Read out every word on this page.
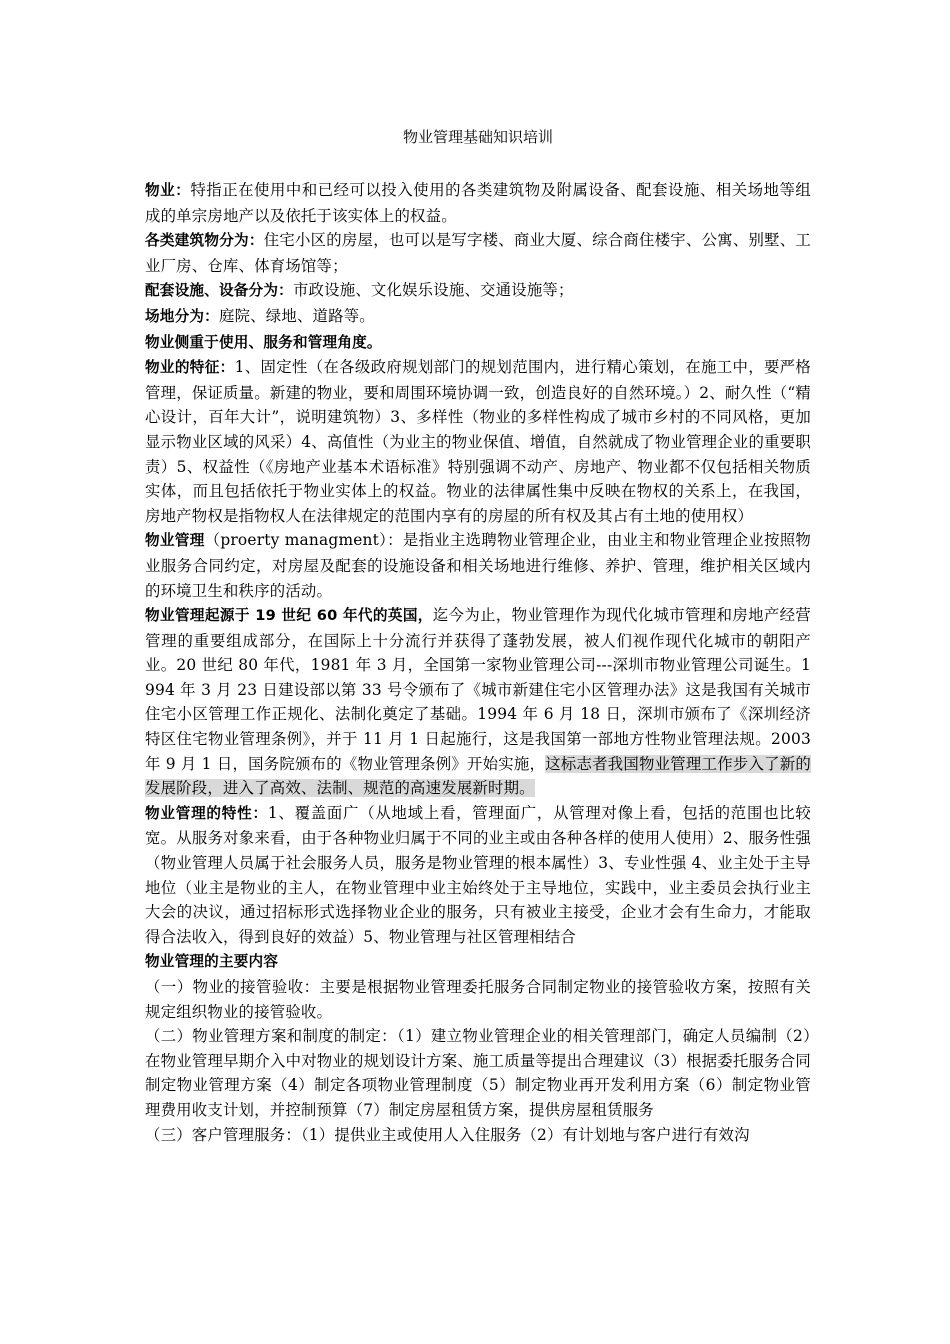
物业管理基础知识培训

物业：特指正在使用中和已经可以投入使用的各类建筑物及附属设备、配套设施、相关场地等组成的单宗房地产以及依托于该实体上的权益。

各类建筑物分为：住宅小区的房屋，也可以是写字楼、商业大厦、综合商住楼宇、公寓、别墅、工业厂房、仓库、体育场馆等；

配套设施、设备分为：市政设施、文化娱乐设施、交通设施等；

场地分为：庭院、绿地、道路等。

物业侧重于使用、服务和管理角度。

物业的特征：1、固定性（在各级政府规划部门的规划范围内，进行精心策划，在施工中，要严格管理，保证质量。新建的物业，要和周围环境协调一致，创造良好的自然环境。）2、耐久性（“精心设计，百年大计”，说明建筑物）3、多样性（物业的多样性构成了城市乡村的不同风格，更加显示物业区域的风采）4、高值性（为业主的物业保值、增值，自然就成了物业管理企业的重要职责）5、权益性（《房地产业基本术语标准》特别强调不动产、房地产、物业都不仅包括相关物质实体，而且包括依托于物业实体上的权益。物业的法律属性集中反映在物权的关系上，在我国，房地产物权是指物权人在法律规定的范围内享有的房屋的所有权及其占有土地的使用权）

物业管理（proerty managment）：是指业主选聘物业管理企业，由业主和物业管理企业按照物业服务合同约定，对房屋及配套的设施设备和相关场地进行维修、养护、管理，维护相关区域内的环境卫生和秩序的活动。

物业管理起源于 19 世纪 60 年代的英国，迄今为止，物业管理作为现代化城市管理和房地产经营管理的重要组成部分，在国际上十分流行并获得了蓬勃发展，被人们视作现代化城市的朝阳产业。20 世纪 80 年代，1981 年 3 月，全国第一家物业管理公司---深圳市物业管理公司诞生。1994 年 3 月 23 日建设部以第 33 号令颁布了《城市新建住宅小区管理办法》这是我国有关城市住宅小区管理工作正规化、法制化奠定了基础。1994 年 6 月 18 日，深圳市颁布了《深圳经济特区住宅物业管理条例》，并于 11 月 1 日起施行，这是我国第一部地方性物业管理法规。2003 年 9 月 1 日，国务院颁布的《物业管理条例》开始实施，这标志者我国物业管理工作步入了新的发展阶段，进入了高效、法制、规范的高速发展新时期。

物业管理的特性：1、覆盖面广（从地域上看，管理面广，从管理对像上看，包括的范围也比较宽。从服务对象来看，由于各种物业归属于不同的业主或由各种各样的使用人使用）2、服务性强（物业管理人员属于社会服务人员，服务是物业管理的根本属性）3、专业性强 4、业主处于主导地位（业主是物业的主人，在物业管理中业主始终处于主导地位，实践中，业主委员会执行业主大会的决议，通过招标形式选择物业企业的服务，只有被业主接受，企业才会有生命力，才能取得合法收入，得到良好的效益）5、物业管理与社区管理相结合

物业管理的主要内容

（一）物业的接管验收：主要是根据物业管理委托服务合同制定物业的接管验收方案，按照有关规定组织物业的接管验收。

（二）物业管理方案和制度的制定：（1）建立物业管理企业的相关管理部门，确定人员编制（2）在物业管理早期介入中对物业的规划设计方案、施工质量等提出合理建议（3）根据委托服务合同制定物业管理方案（4）制定各项物业管理制度（5）制定物业再开发利用方案（6）制定物业管理费用收支计划，并控制预算（7）制定房屋租赁方案，提供房屋租赁服务

（三）客户管理服务：（1）提供业主或使用人入住服务（2）有计划地与客户进行有效沟
